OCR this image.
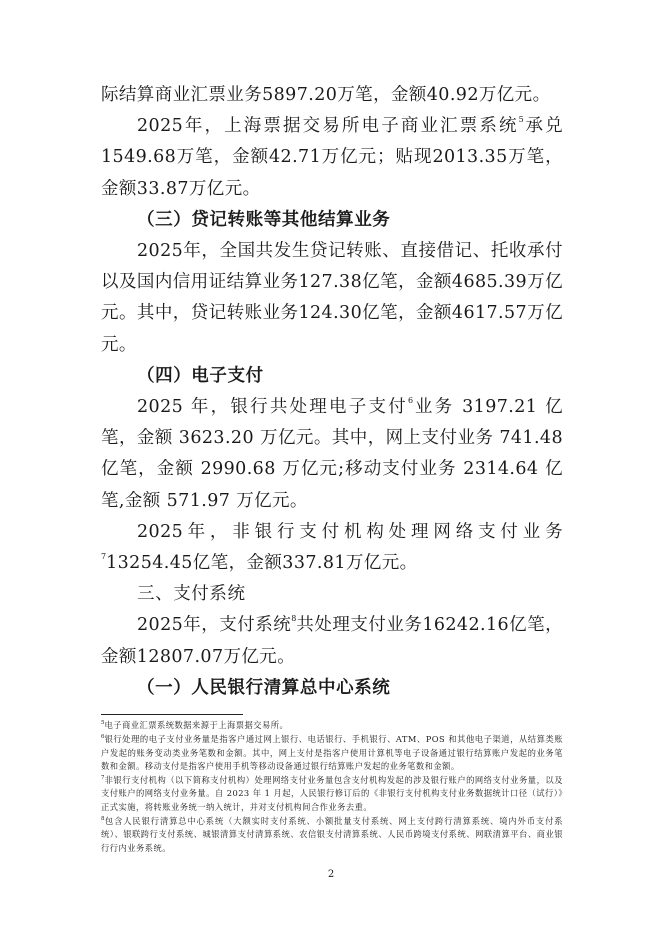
际结算商业汇票业务5897.20万笔，金额40.92万亿元。

2025年，上海票据交易所电子商业汇票系统$^5$承兑1549.68万笔，金额42.71万亿元；贴现2013.35万笔，金额33.87万亿元。

（三）贷记转账等其他结算业务

2025年，全国共发生贷记转账、直接借记、托收承付以及国内信用证结算业务127.38亿笔，金额4685.39万亿元。其中，贷记转账业务124.30亿笔，金额4617.57万亿元。

（四）电子支付

2025 年，银行共处理电子支付$^6$业务 3197.21 亿笔，金额 3623.20 万亿元。其中，网上支付业务 741.48 亿笔，金额 2990.68 万亿元;移动支付业务 2314.64 亿笔,金额 571.97 万亿元。

2025年，非银行支付机构处理网络支付业务$^7$13254.45亿笔，金额337.81万亿元。

三、支付系统

2025年，支付系统$^8$共处理支付业务16242.16亿笔，金额12807.07万亿元。

（一）人民银行清算总中心系统

$^5$电子商业汇票系统数据来源于上海票据交易所。

$^6$银行处理的电子支付业务量是指客户通过网上银行、电话银行、手机银行、ATM、POS 和其他电子渠道，从结算类账户发起的账务变动类业务笔数和金额。其中，网上支付是指客户使用计算机等电子设备通过银行结算账户发起的业务笔数和金额。移动支付是指客户使用手机等移动设备通过银行结算账户发起的业务笔数和金额。

$^7$非银行支付机构（以下简称支付机构）处理网络支付业务量包含支付机构发起的涉及银行账户的网络支付业务量，以及支付账户的网络支付业务量。自 2023 年 1 月起，人民银行修订后的《非银行支付机构支付业务数据统计口径（试行）》正式实施，将转账业务统一纳入统计，并对支付机构间合作业务去重。

$^8$包含人民银行清算总中心系统（大额实时支付系统、小额批量支付系统、网上支付跨行清算系统、境内外币支付系统）、银联跨行支付系统、城银清算支付清算系统、农信银支付清算系统、人民币跨境支付系统、网联清算平台、商业银行行内业务系统。

2
